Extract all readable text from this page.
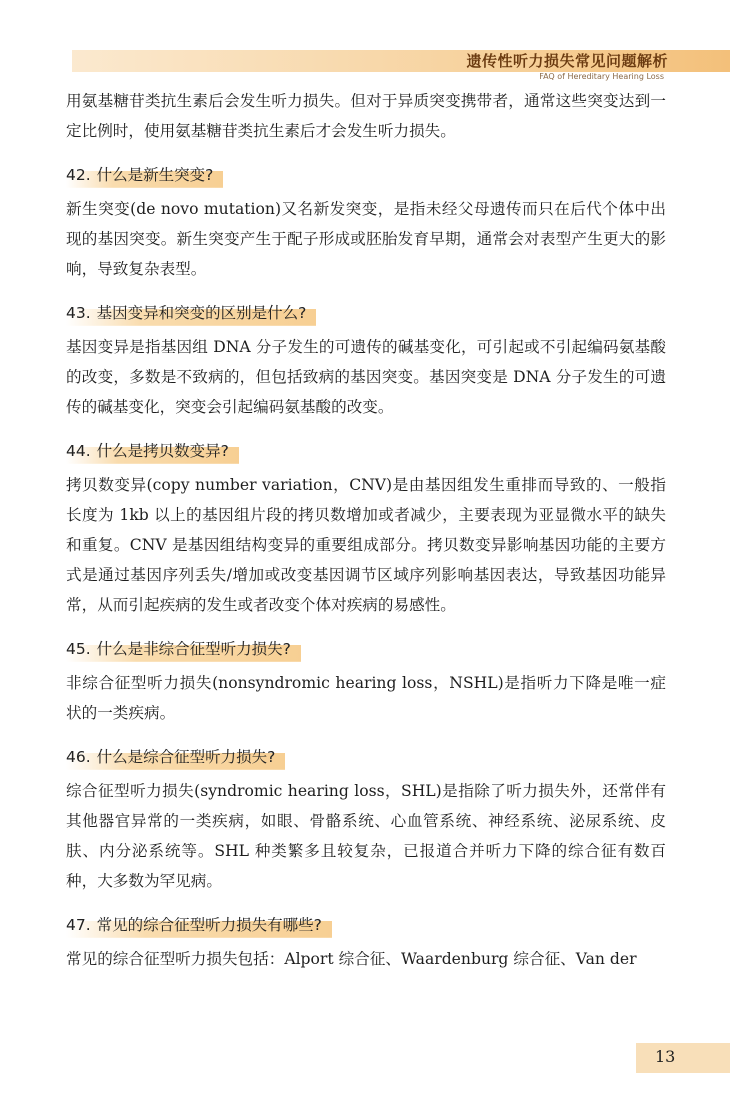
遗传性听力损失常见问题解析
FAQ of Hereditary Hearing Loss

用氨基糖苷类抗生素后会发生听力损失。但对于异质突变携带者，通常这些突变达到一定比例时，使用氨基糖苷类抗生素后才会发生听力损失。

42. 什么是新生突变?

新生突变(de novo mutation)又名新发突变，是指未经父母遗传而只在后代个体中出现的基因突变。新生突变产生于配子形成或胚胎发育早期，通常会对表型产生更大的影响，导致复杂表型。

43. 基因变异和突变的区别是什么?

基因变异是指基因组 DNA 分子发生的可遗传的碱基变化，可引起或不引起编码氨基酸的改变，多数是不致病的，但包括致病的基因突变。基因突变是 DNA 分子发生的可遗传的碱基变化，突变会引起编码氨基酸的改变。

44. 什么是拷贝数变异?

拷贝数变异(copy number variation，CNV)是由基因组发生重排而导致的、一般指长度为 1kb 以上的基因组片段的拷贝数增加或者减少，主要表现为亚显微水平的缺失和重复。CNV 是基因组结构变异的重要组成部分。拷贝数变异影响基因功能的主要方式是通过基因序列丢失/增加或改变基因调节区域序列影响基因表达，导致基因功能异常，从而引起疾病的发生或者改变个体对疾病的易感性。

45. 什么是非综合征型听力损失?

非综合征型听力损失(nonsyndromic hearing loss，NSHL)是指听力下降是唯一症状的一类疾病。

46. 什么是综合征型听力损失?

综合征型听力损失(syndromic hearing loss，SHL)是指除了听力损失外，还常伴有其他器官异常的一类疾病，如眼、骨骼系统、心血管系统、神经系统、泌尿系统、皮肤、内分泌系统等。SHL 种类繁多且较复杂，已报道合并听力下降的综合征有数百种，大多数为罕见病。

47. 常见的综合征型听力损失有哪些?

常见的综合征型听力损失包括：Alport 综合征、Waardenburg 综合征、Van der

13
